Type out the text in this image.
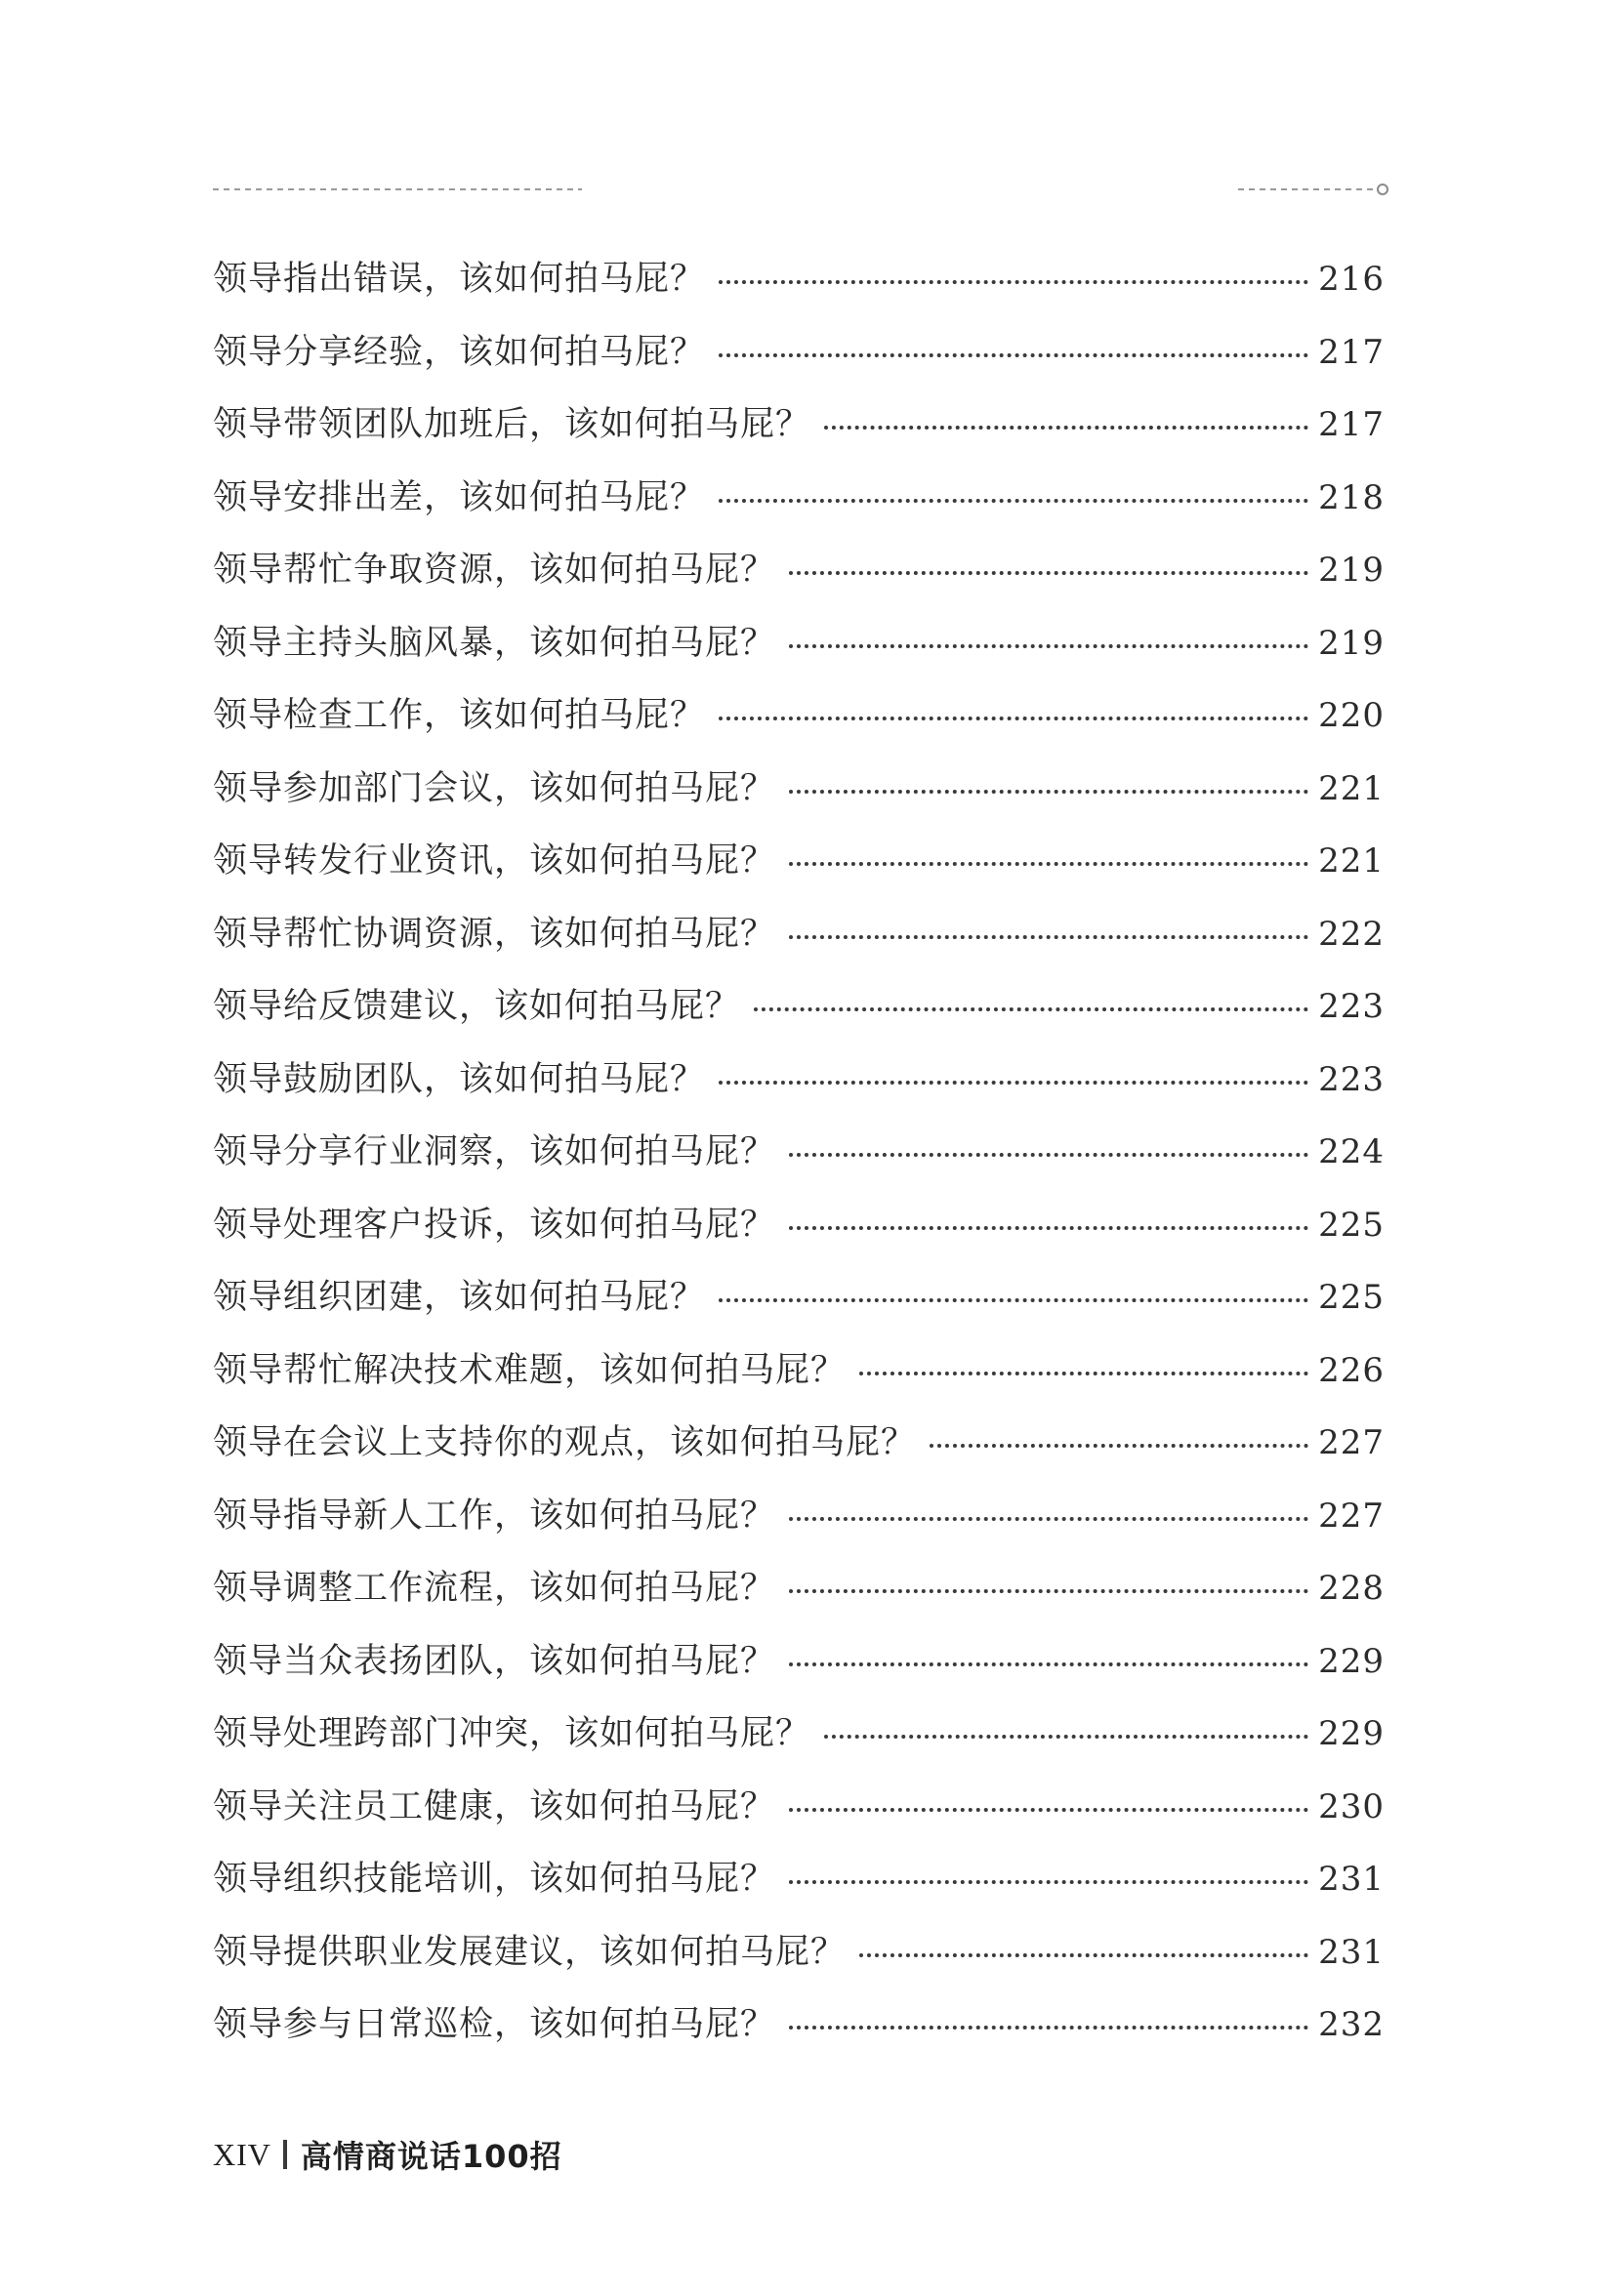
领导指出错误，该如何拍马屁？	216
领导分享经验，该如何拍马屁？	217
领导带领团队加班后，该如何拍马屁？	217
领导安排出差，该如何拍马屁？	218
领导帮忙争取资源，该如何拍马屁？	219
领导主持头脑风暴，该如何拍马屁？	219
领导检查工作，该如何拍马屁？	220
领导参加部门会议，该如何拍马屁？	221
领导转发行业资讯，该如何拍马屁？	221
领导帮忙协调资源，该如何拍马屁？	222
领导给反馈建议，该如何拍马屁？	223
领导鼓励团队，该如何拍马屁？	223
领导分享行业洞察，该如何拍马屁？	224
领导处理客户投诉，该如何拍马屁？	225
领导组织团建，该如何拍马屁？	225
领导帮忙解决技术难题，该如何拍马屁？	226
领导在会议上支持你的观点，该如何拍马屁？	227
领导指导新人工作，该如何拍马屁？	227
领导调整工作流程，该如何拍马屁？	228
领导当众表扬团队，该如何拍马屁？	229
领导处理跨部门冲突，该如何拍马屁？	229
领导关注员工健康，该如何拍马屁？	230
领导组织技能培训，该如何拍马屁？	231
领导提供职业发展建议，该如何拍马屁？	231
领导参与日常巡检，该如何拍马屁？	232
XIV 高情商说话100招
